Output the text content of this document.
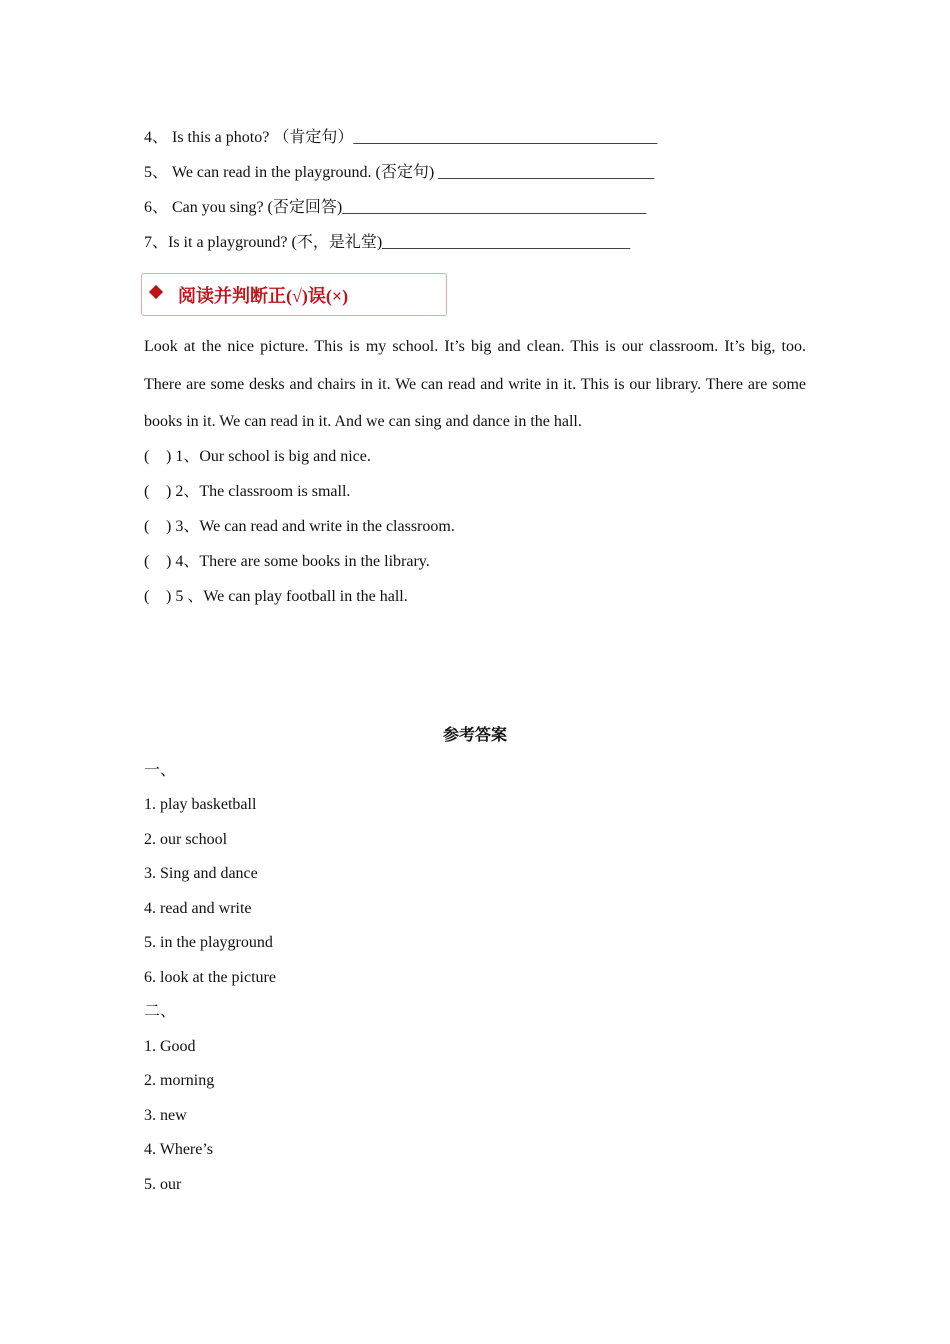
4、 Is this a photo? （肯定句）______________________________________
5、 We can read in the playground. (否定句) ___________________________
6、 Can you sing? (否定回答)______________________________________
7、Is it a playground? (不，是礼堂)_______________________________
阅读并判断正(√)误(×)
Look at the nice picture. This is my school. It’s big and clean. This is our classroom. It’s big, too. There are some desks and chairs in it. We can read and write in it. This is our library. There are some books in it. We can read in it. And we can sing and dance in the hall.
( ) 1、Our school is big and nice.
( ) 2、The classroom is small.
( ) 3、We can read and write in the classroom.
( ) 4、There are some books in the library.
( ) 5 、We can play football in the hall.
参考答案
一、
1. play basketball
2. our school
3. Sing and dance
4. read and write
5. in the playground
6. look at the picture
二、
1. Good
2. morning
3. new
4. Where’s
5. our
